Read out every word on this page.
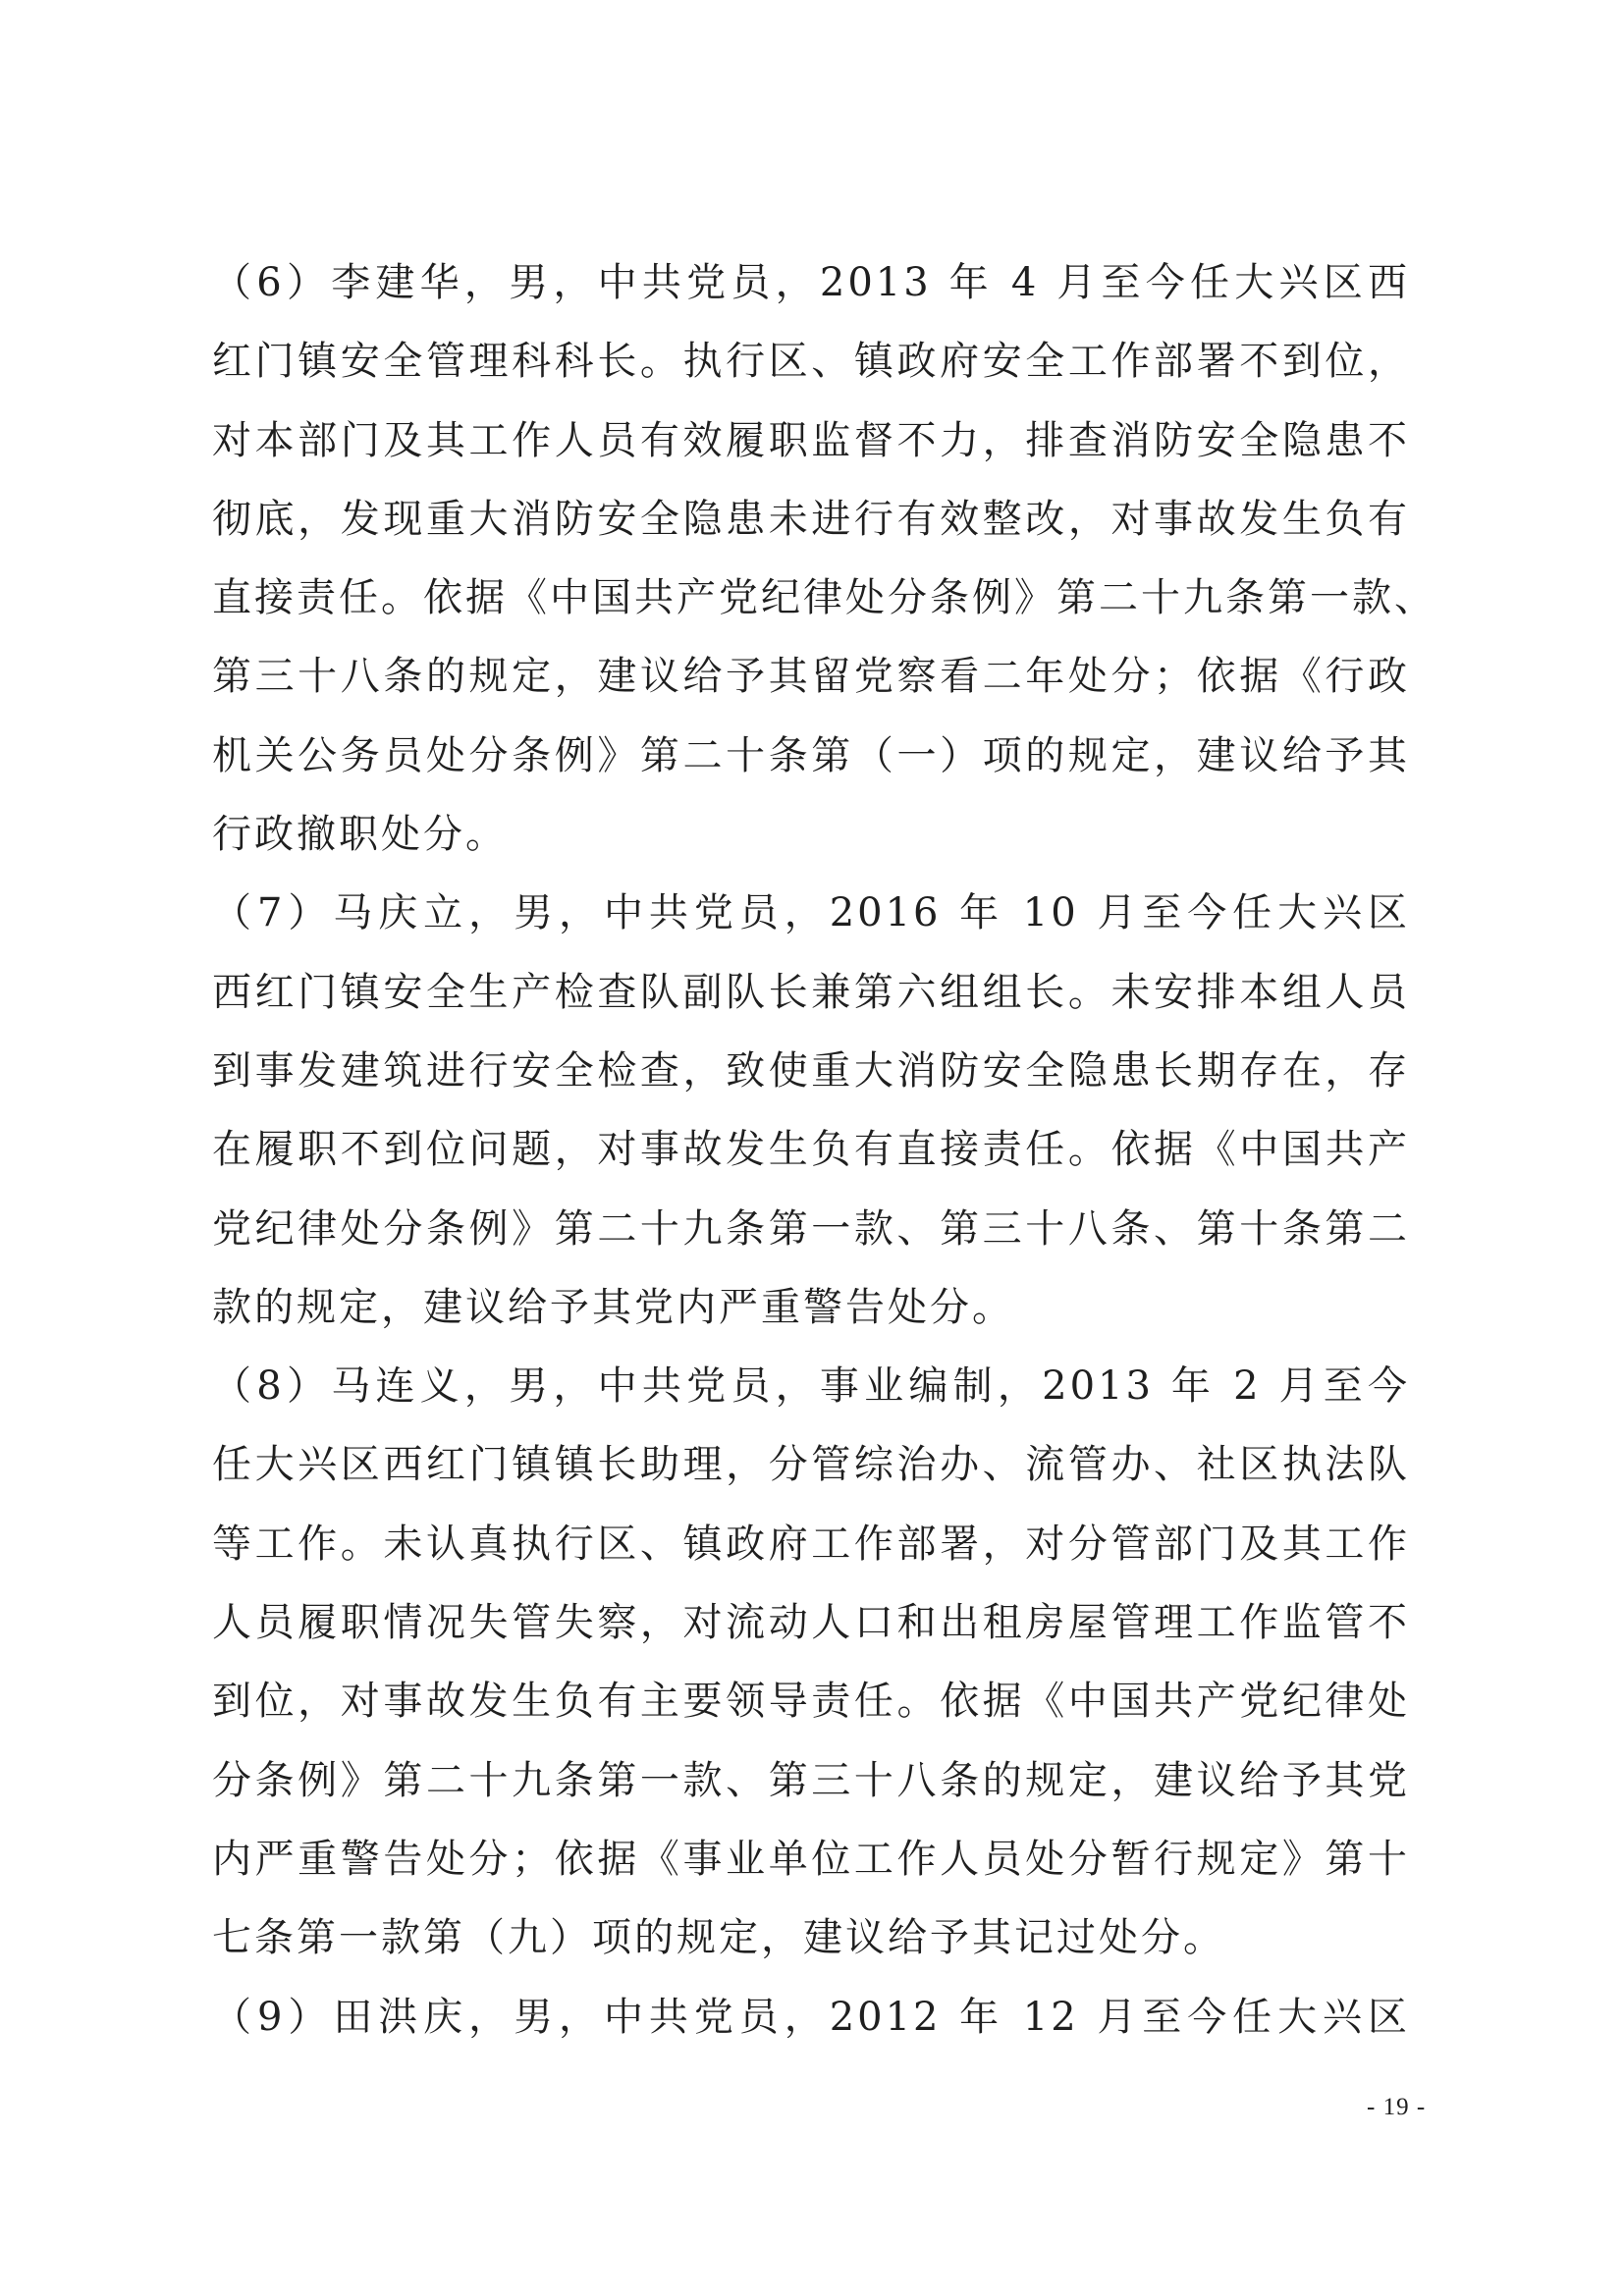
（6）李建华，男，中共党员，2013 年 4 月至今任大兴区西
红门镇安全管理科科长。执行区、镇政府安全工作部署不到位，
对本部门及其工作人员有效履职监督不力，排查消防安全隐患不
彻底，发现重大消防安全隐患未进行有效整改，对事故发生负有
直接责任。依据《中国共产党纪律处分条例》第二十九条第一款、
第三十八条的规定，建议给予其留党察看二年处分；依据《行政
机关公务员处分条例》第二十条第（一）项的规定，建议给予其
行政撤职处分。

（7）马庆立，男，中共党员，2016 年 10 月至今任大兴区
西红门镇安全生产检查队副队长兼第六组组长。未安排本组人员
到事发建筑进行安全检查，致使重大消防安全隐患长期存在，存
在履职不到位问题，对事故发生负有直接责任。依据《中国共产
党纪律处分条例》第二十九条第一款、第三十八条、第十条第二
款的规定，建议给予其党内严重警告处分。

（8）马连义，男，中共党员，事业编制，2013 年 2 月至今
任大兴区西红门镇镇长助理，分管综治办、流管办、社区执法队
等工作。未认真执行区、镇政府工作部署，对分管部门及其工作
人员履职情况失管失察，对流动人口和出租房屋管理工作监管不
到位，对事故发生负有主要领导责任。依据《中国共产党纪律处
分条例》第二十九条第一款、第三十八条的规定，建议给予其党
内严重警告处分；依据《事业单位工作人员处分暂行规定》第十
七条第一款第（九）项的规定，建议给予其记过处分。

（9）田洪庆，男，中共党员，2012 年 12 月至今任大兴区

- 19 -
